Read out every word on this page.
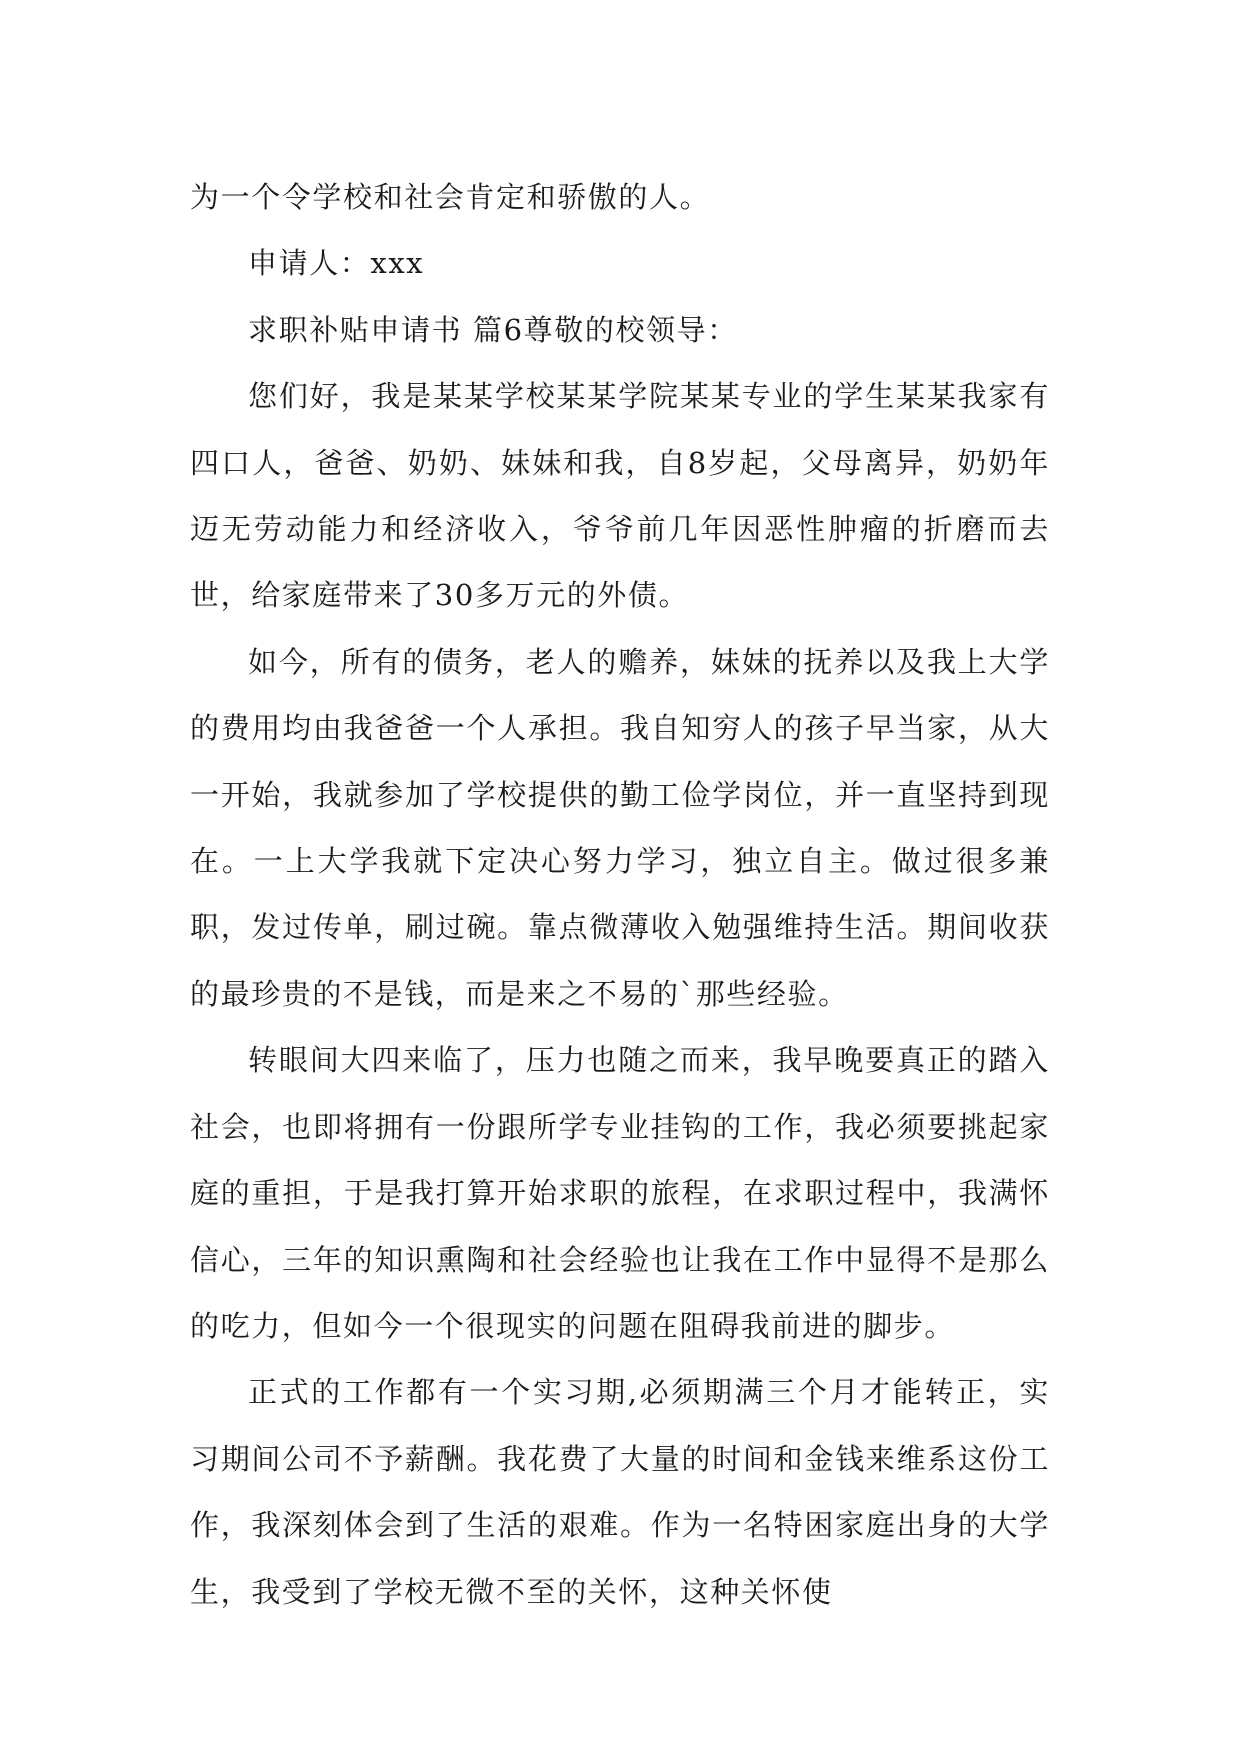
为一个令学校和社会肯定和骄傲的人。

申请人：xxx

求职补贴申请书 篇6尊敬的校领导：

您们好，我是某某学校某某学院某某专业的学生某某我家有四口人，爸爸、奶奶、妹妹和我，自8岁起，父母离异，奶奶年迈无劳动能力和经济收入，爷爷前几年因恶性肿瘤的折磨而去世，给家庭带来了30多万元的外债。

如今，所有的债务，老人的赡养，妹妹的抚养以及我上大学的费用均由我爸爸一个人承担。我自知穷人的孩子早当家，从大一开始，我就参加了学校提供的勤工俭学岗位，并一直坚持到现在。一上大学我就下定决心努力学习，独立自主。做过很多兼职，发过传单，刷过碗。靠点微薄收入勉强维持生活。期间收获的最珍贵的不是钱，而是来之不易的`那些经验。

转眼间大四来临了，压力也随之而来，我早晚要真正的踏入社会，也即将拥有一份跟所学专业挂钩的工作，我必须要挑起家庭的重担，于是我打算开始求职的旅程，在求职过程中，我满怀信心，三年的知识熏陶和社会经验也让我在工作中显得不是那么的吃力，但如今一个很现实的问题在阻碍我前进的脚步。

正式的工作都有一个实习期,必须期满三个月才能转正，实习期间公司不予薪酬。我花费了大量的时间和金钱来维系这份工作，我深刻体会到了生活的艰难。作为一名特困家庭出身的大学生，我受到了学校无微不至的关怀，这种关怀使
